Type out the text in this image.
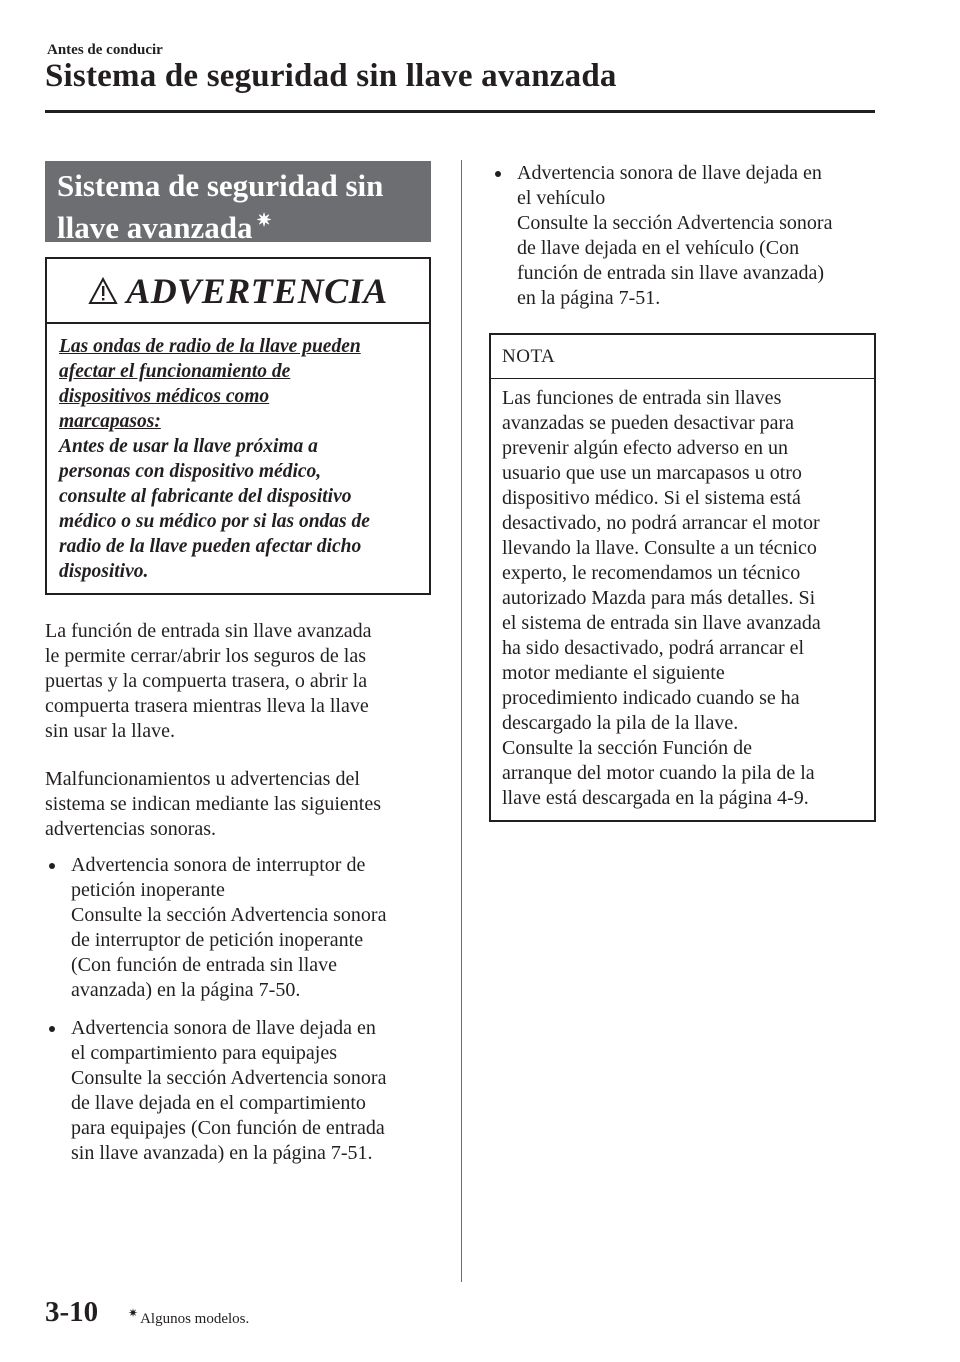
Antes de conducir
Sistema de seguridad sin llave avanzada
Sistema de seguridad sin
llave avanzada ✷
ADVERTENCIA
Las ondas de radio de la llave pueden
afectar el funcionamiento de
dispositivos médicos como
marcapasos:
Antes de usar la llave próxima a
personas con dispositivo médico,
consulte al fabricante del dispositivo
médico o su médico por si las ondas de
radio de la llave pueden afectar dicho
dispositivo.
La función de entrada sin llave avanzada
le permite cerrar/abrir los seguros de las
puertas y la compuerta trasera, o abrir la
compuerta trasera mientras lleva la llave
sin usar la llave.
Malfuncionamientos u advertencias del
sistema se indican mediante las siguientes
advertencias sonoras.
Advertencia sonora de interruptor de
petición inoperante
Consulte la sección Advertencia sonora
de interruptor de petición inoperante
(Con función de entrada sin llave
avanzada) en la página 7-50.
Advertencia sonora de llave dejada en
el compartimiento para equipajes
Consulte la sección Advertencia sonora
de llave dejada en el compartimiento
para equipajes (Con función de entrada
sin llave avanzada) en la página 7-51.
Advertencia sonora de llave dejada en
el vehículo
Consulte la sección Advertencia sonora
de llave dejada en el vehículo (Con
función de entrada sin llave avanzada)
en la página 7-51.
NOTA
Las funciones de entrada sin llaves
avanzadas se pueden desactivar para
prevenir algún efecto adverso en un
usuario que use un marcapasos u otro
dispositivo médico. Si el sistema está
desactivado, no podrá arrancar el motor
llevando la llave. Consulte a un técnico
experto, le recomendamos un técnico
autorizado Mazda para más detalles. Si
el sistema de entrada sin llave avanzada
ha sido desactivado, podrá arrancar el
motor mediante el siguiente
procedimiento indicado cuando se ha
descargado la pila de la llave.
Consulte la sección Función de
arranque del motor cuando la pila de la
llave está descargada en la página 4-9.
3-10 ✷ Algunos modelos.
